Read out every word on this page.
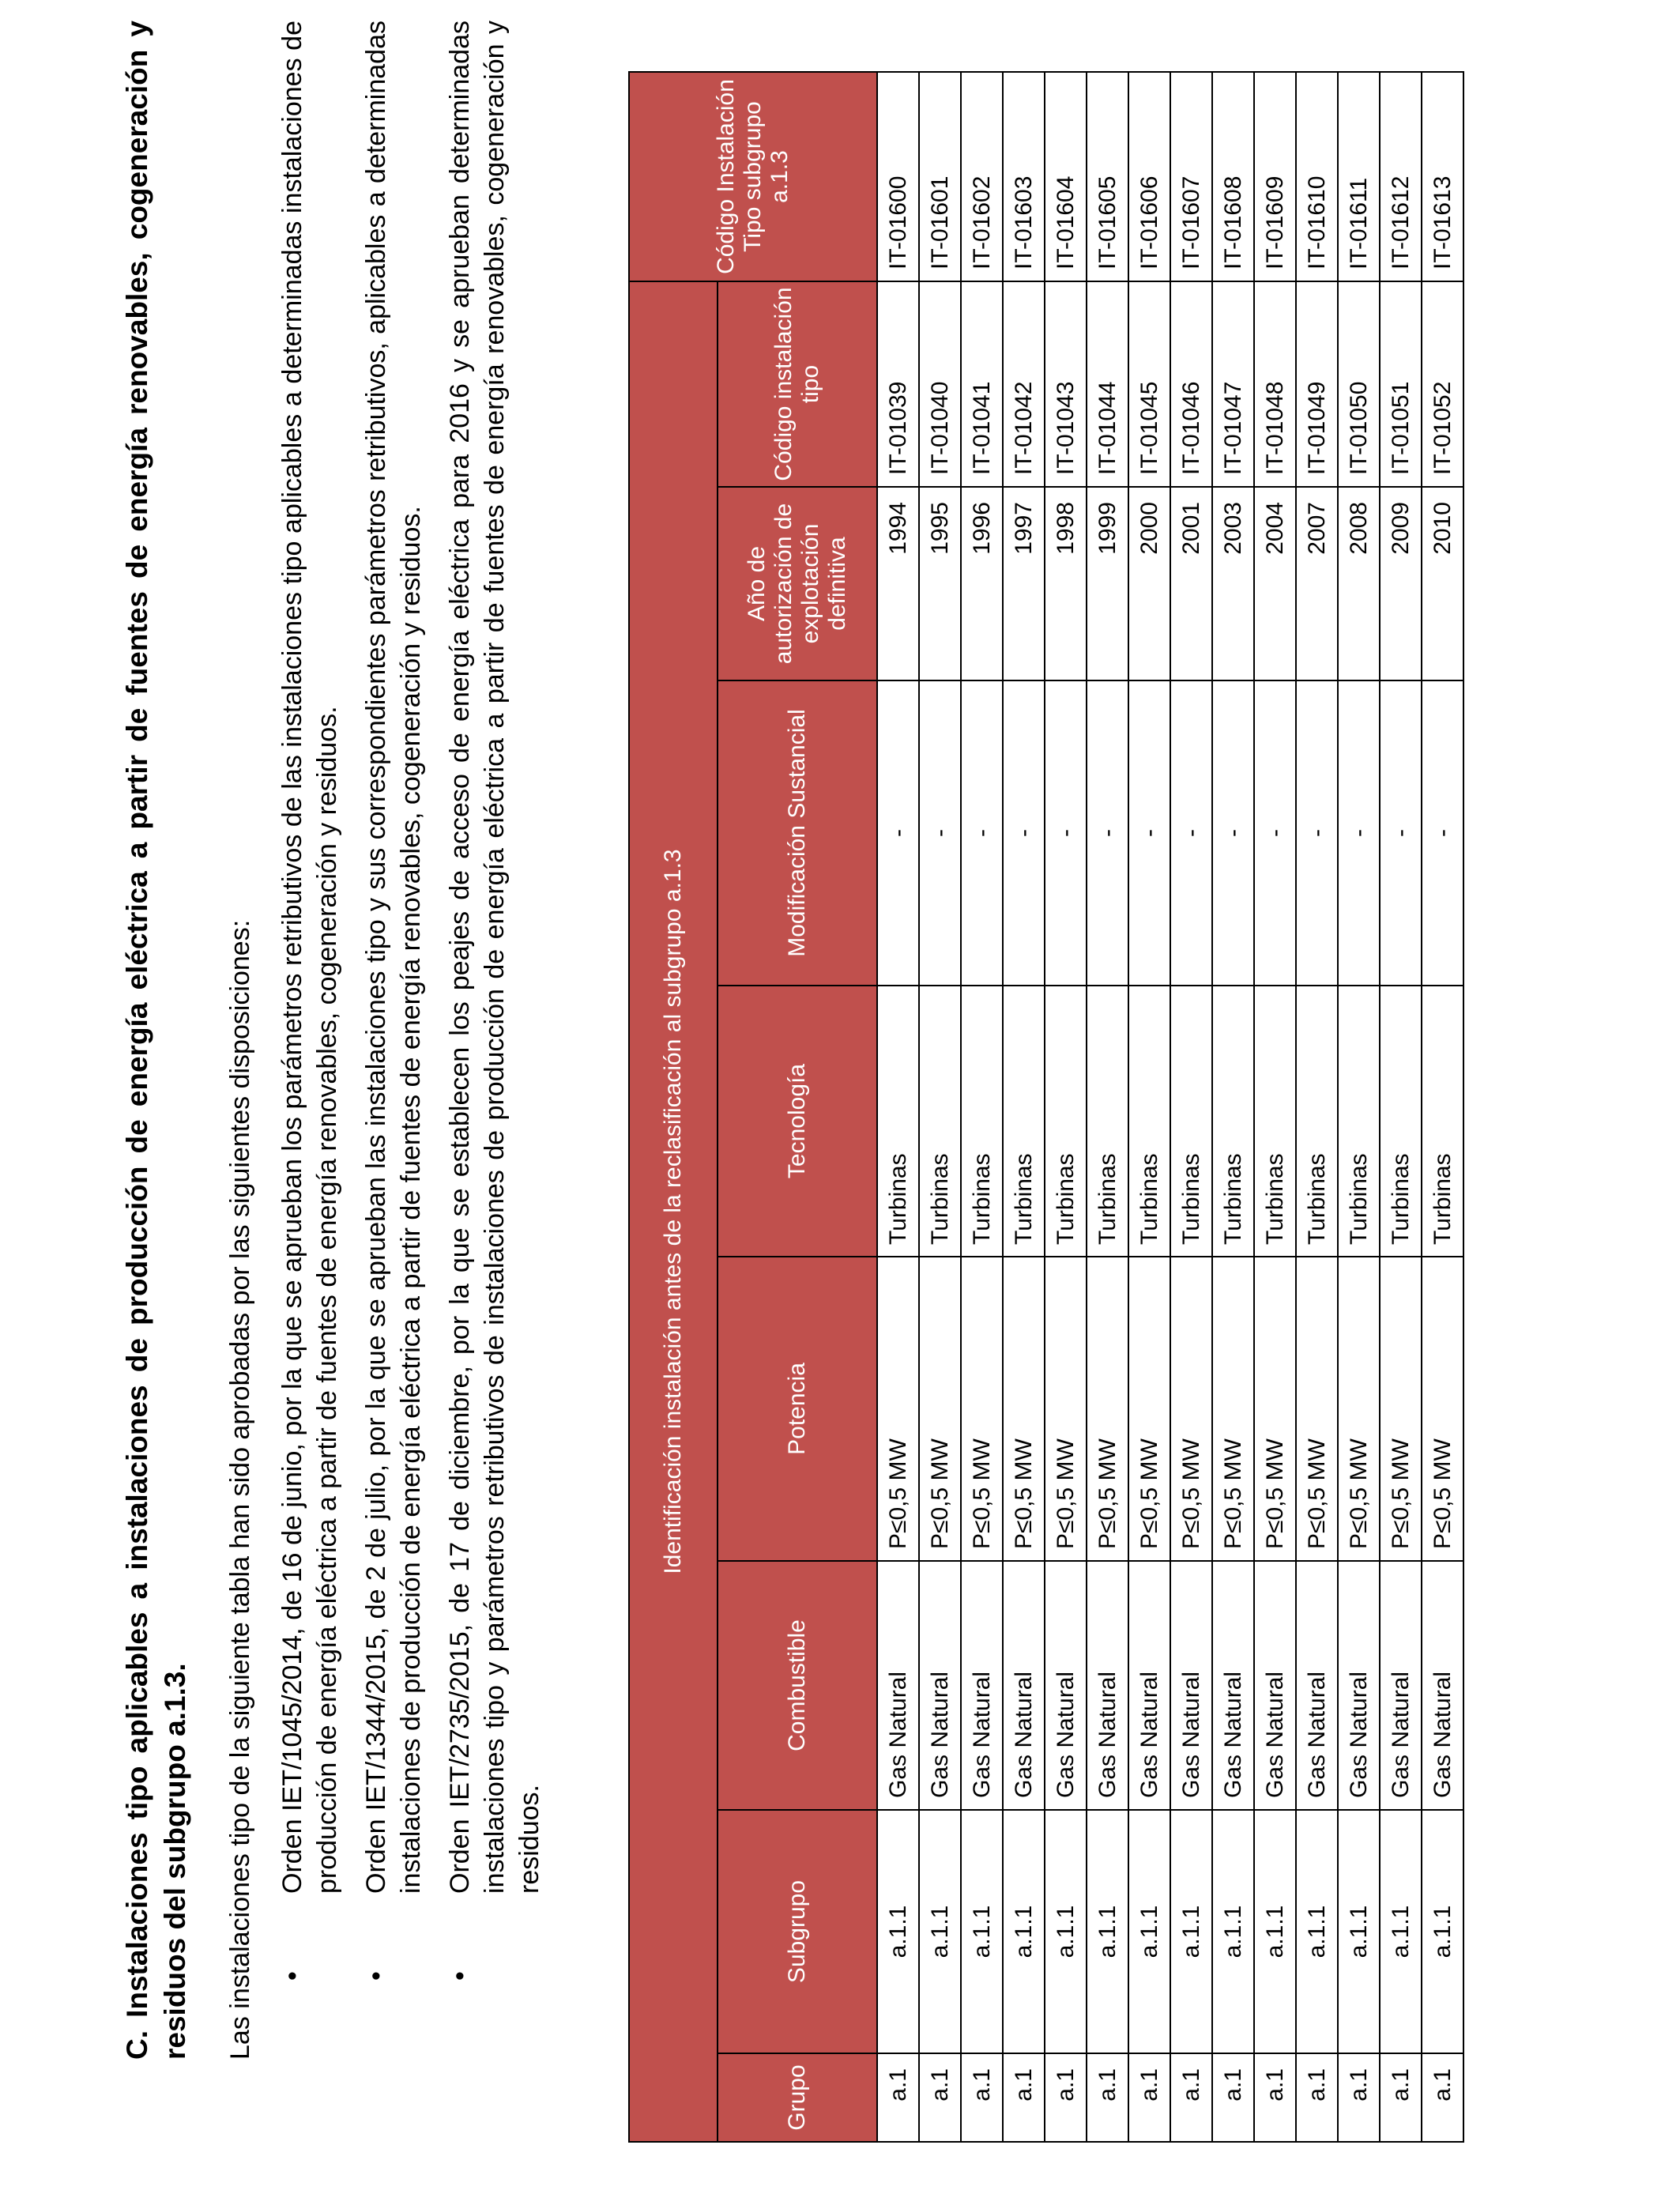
C. Instalaciones tipo aplicables a instalaciones de producción de energía eléctrica a partir de fuentes de energía renovables, cogeneración y residuos del subgrupo a.1.3. Las instalaciones tipo de la siguiente tabla han sido aprobadas por las siguientes disposiciones: •
Orden IET/1045/2014, de 16 de junio, por la que se aprueban los parámetros retributivos de las instalaciones tipo aplicables a determinadas instalaciones de producción de energía eléctrica a partir de fuentes de energía renovables, cogeneración y residuos.
•
Orden IET/1344/2015, de 2 de julio, por la que se aprueban las instalaciones tipo y sus correspondientes parámetros retributivos, aplicables a determinadas instalaciones de producción de energía eléctrica a partir de fuentes de energía renovables, cogeneración y residuos.
•
Orden IET/2735/2015, de 17 de diciembre, por la que se establecen los peajes de acceso de energía eléctrica para 2016 y se aprueban determinadas instalaciones tipo y parámetros retributivos de instalaciones de producción de energía eléctrica a partir de fuentes de energía renovables, cogeneración y residuos.
Identificación instalación antes de la reclasificación al subgrupo a.1.3								Código Instalación Tipo subgrupo a.1.3
Grupo	Subgrupo	Combustible	Potencia	Tecnología	Modificación Sustancial	Año de autorización de explotación definitiva	Código instalación tipo	
a.1	a.1.1	Gas Natural	P≤0,5 MW	Turbinas	-	1994	IT-01039	IT-01600
a.1	a.1.1	Gas Natural	P≤0,5 MW	Turbinas	-	1995	IT-01040	IT-01601
a.1	a.1.1	Gas Natural	P≤0,5 MW	Turbinas	-	1996	IT-01041	IT-01602
a.1	a.1.1	Gas Natural	P≤0,5 MW	Turbinas	-	1997	IT-01042	IT-01603
a.1	a.1.1	Gas Natural	P≤0,5 MW	Turbinas	-	1998	IT-01043	IT-01604
a.1	a.1.1	Gas Natural	P≤0,5 MW	Turbinas	-	1999	IT-01044	IT-01605
a.1	a.1.1	Gas Natural	P≤0,5 MW	Turbinas	-	2000	IT-01045	IT-01606
a.1	a.1.1	Gas Natural	P≤0,5 MW	Turbinas	-	2001	IT-01046	IT-01607
a.1	a.1.1	Gas Natural	P≤0,5 MW	Turbinas	-	2003	IT-01047	IT-01608
a.1	a.1.1	Gas Natural	P≤0,5 MW	Turbinas	-	2004	IT-01048	IT-01609
a.1	a.1.1	Gas Natural	P≤0,5 MW	Turbinas	-	2007	IT-01049	IT-01610
a.1	a.1.1	Gas Natural	P≤0,5 MW	Turbinas	-	2008	IT-01050	IT-01611
a.1	a.1.1	Gas Natural	P≤0,5 MW	Turbinas	-	2009	IT-01051	IT-01612
a.1	a.1.1	Gas Natural	P≤0,5 MW	Turbinas	-	2010	IT-01052	IT-01613
